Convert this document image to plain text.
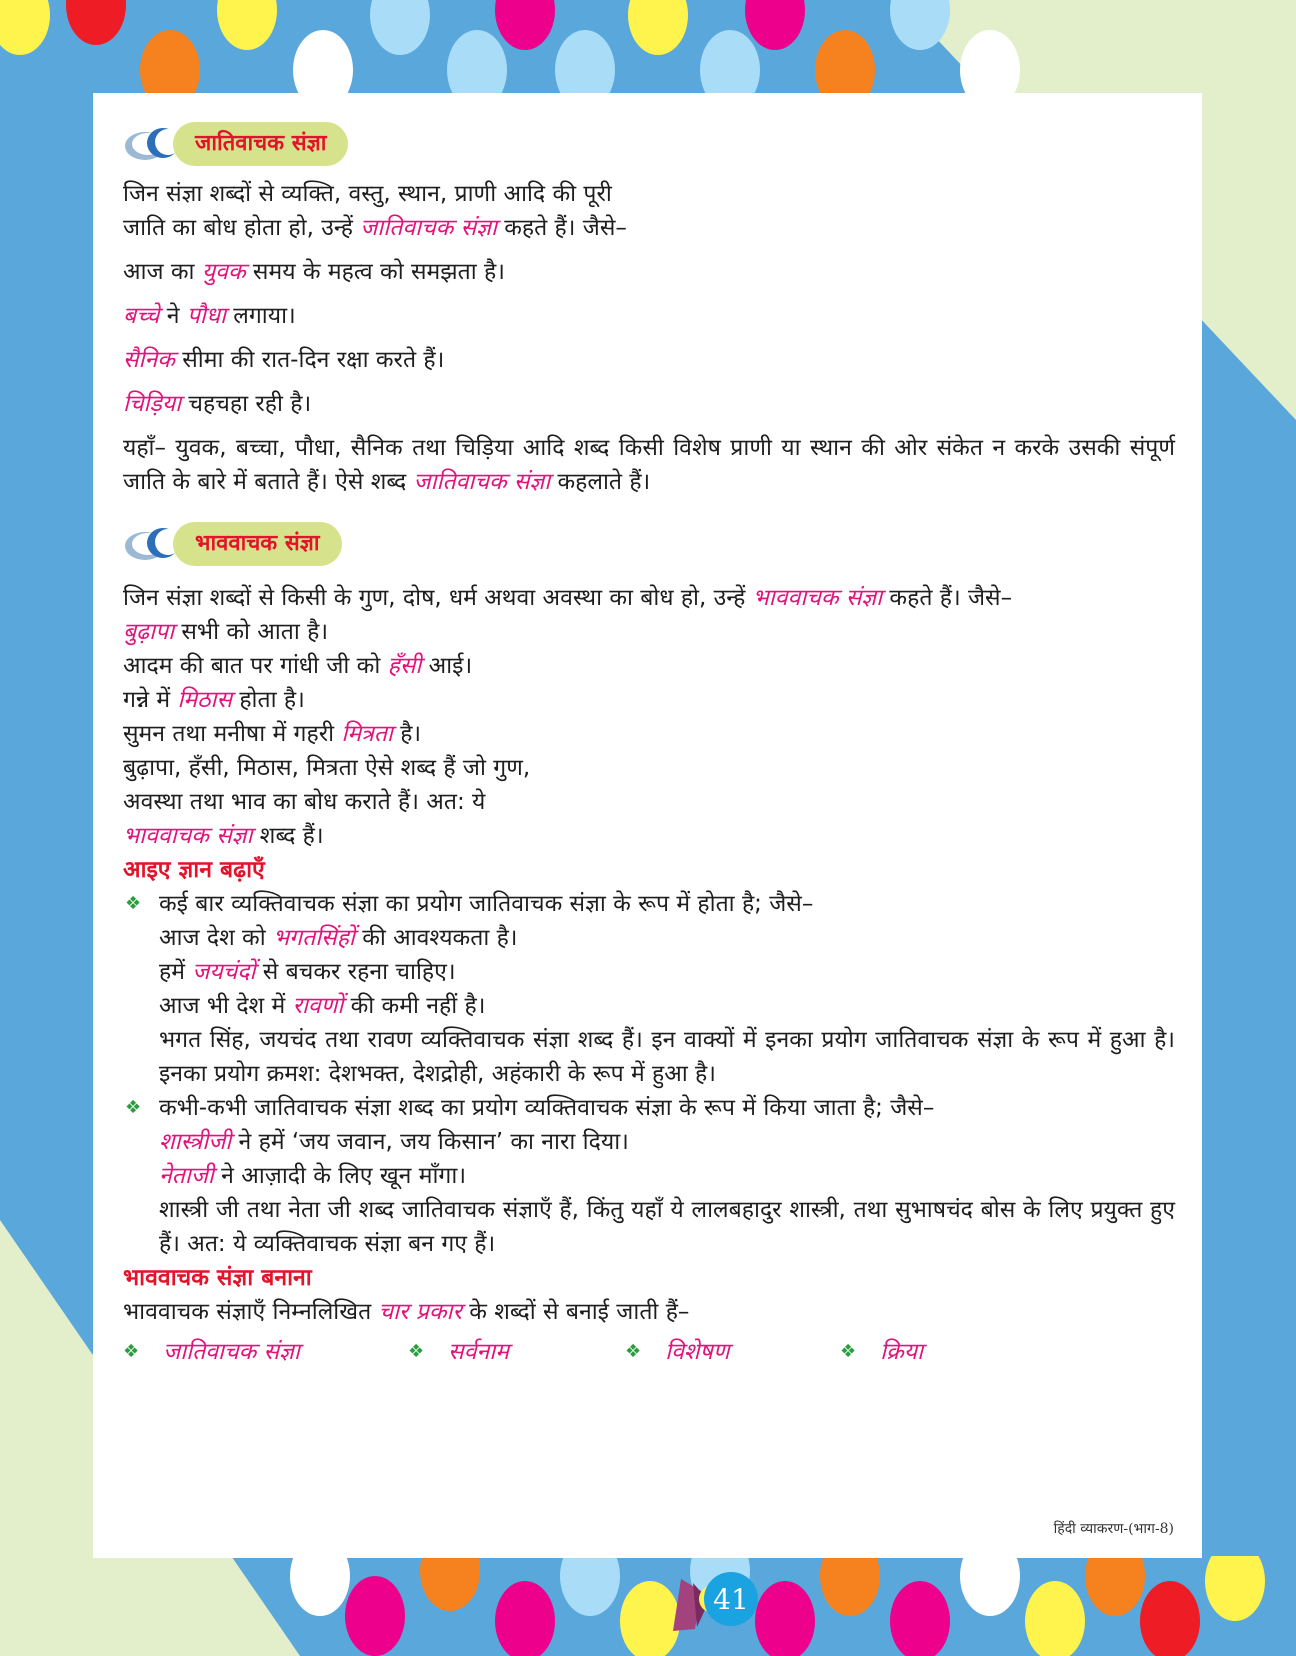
जातिवाचक संज्ञा

जिन संज्ञा शब्दों से व्यक्ति, वस्तु, स्थान, प्राणी आदि की पूरी

जाति का बोध होता हो, उन्हें जातिवाचक संज्ञा कहते हैं। जैसे–

आज का युवक समय के महत्व को समझता है।

बच्चे ने पौधा लगाया।

सैनिक सीमा की रात-दिन रक्षा करते हैं।

चिड़िया चहचहा रही है।

यहाँ– युवक, बच्चा, पौधा, सैनिक तथा चिड़िया आदि शब्द किसी विशेष प्राणी या स्थान की ओर संकेत न करके उसकी संपूर्ण जाति के बारे में बताते हैं। ऐसे शब्द जातिवाचक संज्ञा कहलाते हैं।

भाववाचक संज्ञा

जिन संज्ञा शब्दों से किसी के गुण, दोष, धर्म अथवा अवस्था का बोध हो, उन्हें भाववाचक संज्ञा कहते हैं। जैसे–

बुढ़ापा सभी को आता है।

आदम की बात पर गांधी जी को हँसी आई।

गन्ने में मिठास होता है।

सुमन तथा मनीषा में गहरी मित्रता है।

बुढ़ापा, हँसी, मिठास, मित्रता ऐसे शब्द हैं जो गुण,

अवस्था तथा भाव का बोध कराते हैं। अत: ये

भाववाचक संज्ञा शब्द हैं।

आइए ज्ञान बढ़ाएँ

❖ कई बार व्यक्तिवाचक संज्ञा का प्रयोग जातिवाचक संज्ञा के रूप में होता है; जैसे–

आज देश को भगतसिंहों की आवश्यकता है।

हमें जयचंदों से बचकर रहना चाहिए।

आज भी देश में रावणों की कमी नहीं है।

भगत सिंह, जयचंद तथा रावण व्यक्तिवाचक संज्ञा शब्द हैं। इन वाक्यों में इनका प्रयोग जातिवाचक संज्ञा के रूप में हुआ है। इनका प्रयोग क्रमश: देशभक्त, देशद्रोही, अहंकारी के रूप में हुआ है।

❖ कभी-कभी जातिवाचक संज्ञा शब्द का प्रयोग व्यक्तिवाचक संज्ञा के रूप में किया जाता है; जैसे–

शास्त्रीजी ने हमें ‘जय जवान, जय किसान’ का नारा दिया।

नेताजी ने आज़ादी के लिए खून माँगा।

शास्त्री जी तथा नेता जी शब्द जातिवाचक संज्ञाएँ हैं, किंतु यहाँ ये लालबहादुर शास्त्री, तथा सुभाषचंद बोस के लिए प्रयुक्त हुए हैं। अत: ये व्यक्तिवाचक संज्ञा बन गए हैं।

भाववाचक संज्ञा बनाना

भाववाचक संज्ञाएँ निम्नलिखित चार प्रकार के शब्दों से बनाई जाती हैं–

❖ जातिवाचक संज्ञा	❖ सर्वनाम	❖ विशेषण	❖ क्रिया
41
हिंदी व्याकरण-(भाग-8)
